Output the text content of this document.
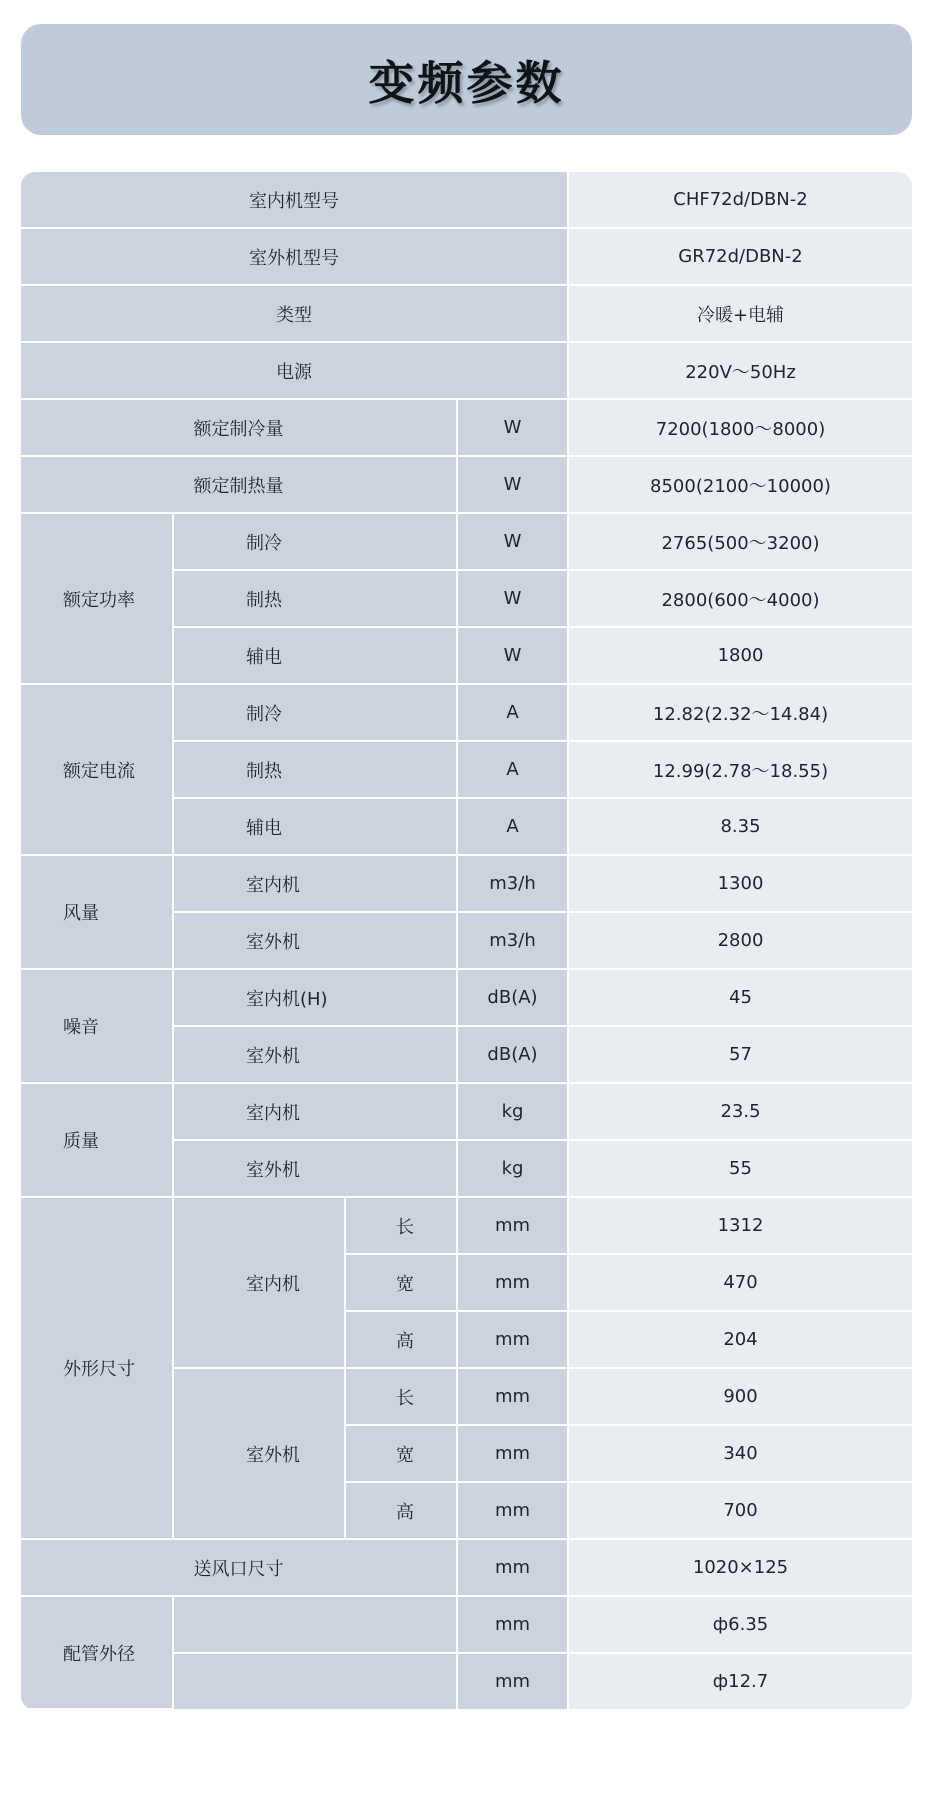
变频参数
室内机型号				CHF72d/DBN-2
室外机型号				GR72d/DBN-2
类型				冷暖+电辅
电源				220V～50Hz
额定制冷量			W	7200(1800～8000)
额定制热量			W	8500(2100～10000)
额定功率	制冷		W	2765(500～3200)
	制热		W	2800(600～4000)
	辅电		W	1800
额定电流	制冷		A	12.82(2.32～14.84)
	制热		A	12.99(2.78～18.55)
	辅电		A	8.35
风量	室内机		m3/h	1300
	室外机		m3/h	2800
噪音	室内机(H)		dB(A)	45
	室外机		dB(A)	57
质量	室内机		kg	23.5
	室外机		kg	55
外形尺寸	室内机	长	mm	1312
		宽	mm	470
		高	mm	204
	室外机	长	mm	900
		宽	mm	340
		高	mm	700
送风口尺寸			mm	1020×125
配管外径			mm	ф6.35
			mm	ф12.7
